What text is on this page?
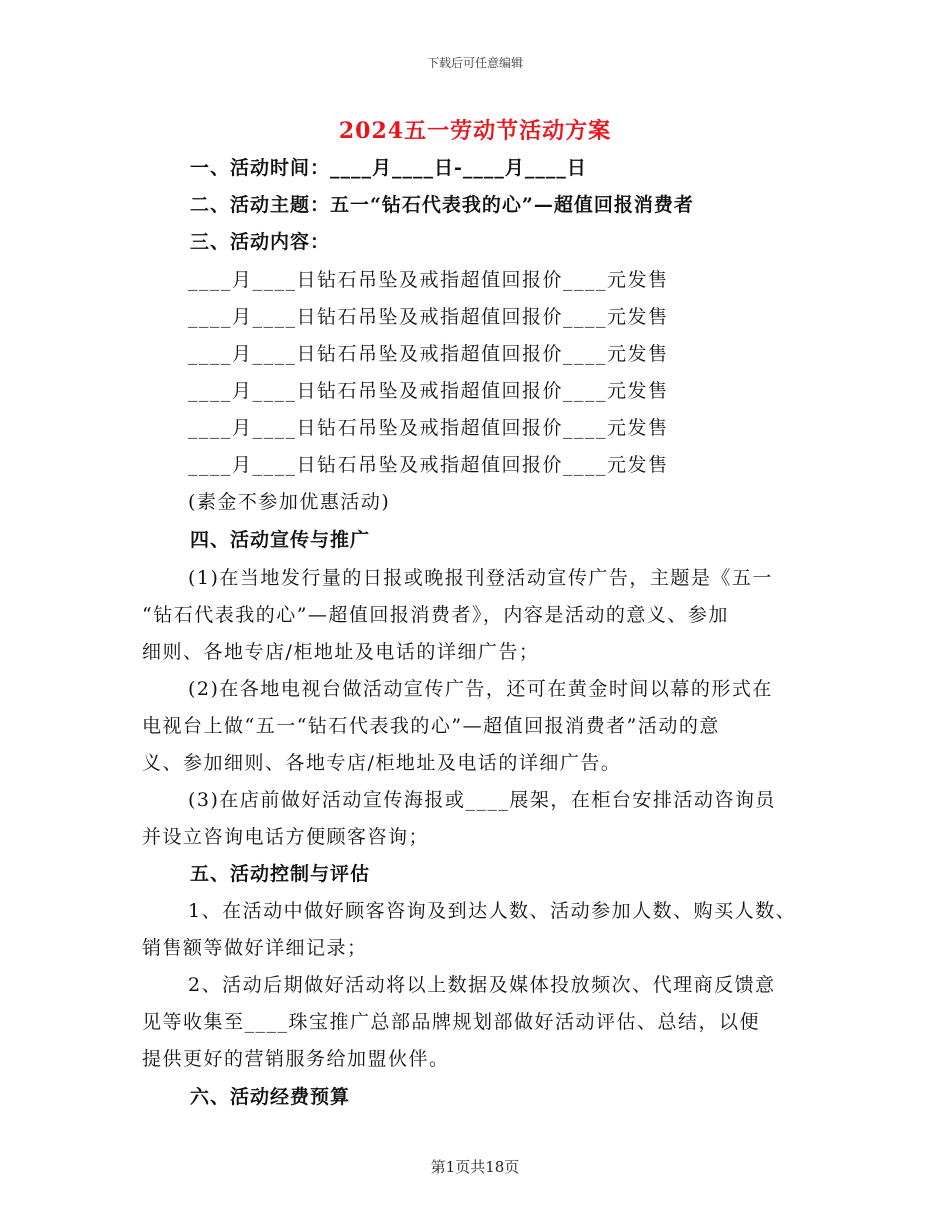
下载后可任意编辑
2024五一劳动节活动方案
一、活动时间：____月____日-____月____日
二、活动主题：五一“钻石代表我的心”—超值回报消费者
三、活动内容：
____月____日钻石吊坠及戒指超值回报价____元发售
____月____日钻石吊坠及戒指超值回报价____元发售
____月____日钻石吊坠及戒指超值回报价____元发售
____月____日钻石吊坠及戒指超值回报价____元发售
____月____日钻石吊坠及戒指超值回报价____元发售
____月____日钻石吊坠及戒指超值回报价____元发售
(素金不参加优惠活动)
四、活动宣传与推广
(1)在当地发行量的日报或晚报刊登活动宣传广告，主题是《五一
“钻石代表我的心”—超值回报消费者》，内容是活动的意义、参加
细则、各地专店/柜地址及电话的详细广告；
(2)在各地电视台做活动宣传广告，还可在黄金时间以幕的形式在
电视台上做“五一“钻石代表我的心”—超值回报消费者”活动的意
义、参加细则、各地专店/柜地址及电话的详细广告。
(3)在店前做好活动宣传海报或____展架，在柜台安排活动咨询员
并设立咨询电话方便顾客咨询；
五、活动控制与评估
1、在活动中做好顾客咨询及到达人数、活动参加人数、购买人数、
销售额等做好详细记录；
2、活动后期做好活动将以上数据及媒体投放频次、代理商反馈意
见等收集至____珠宝推广总部品牌规划部做好活动评估、总结，以便
提供更好的营销服务给加盟伙伴。
六、活动经费预算
第1页共18页
